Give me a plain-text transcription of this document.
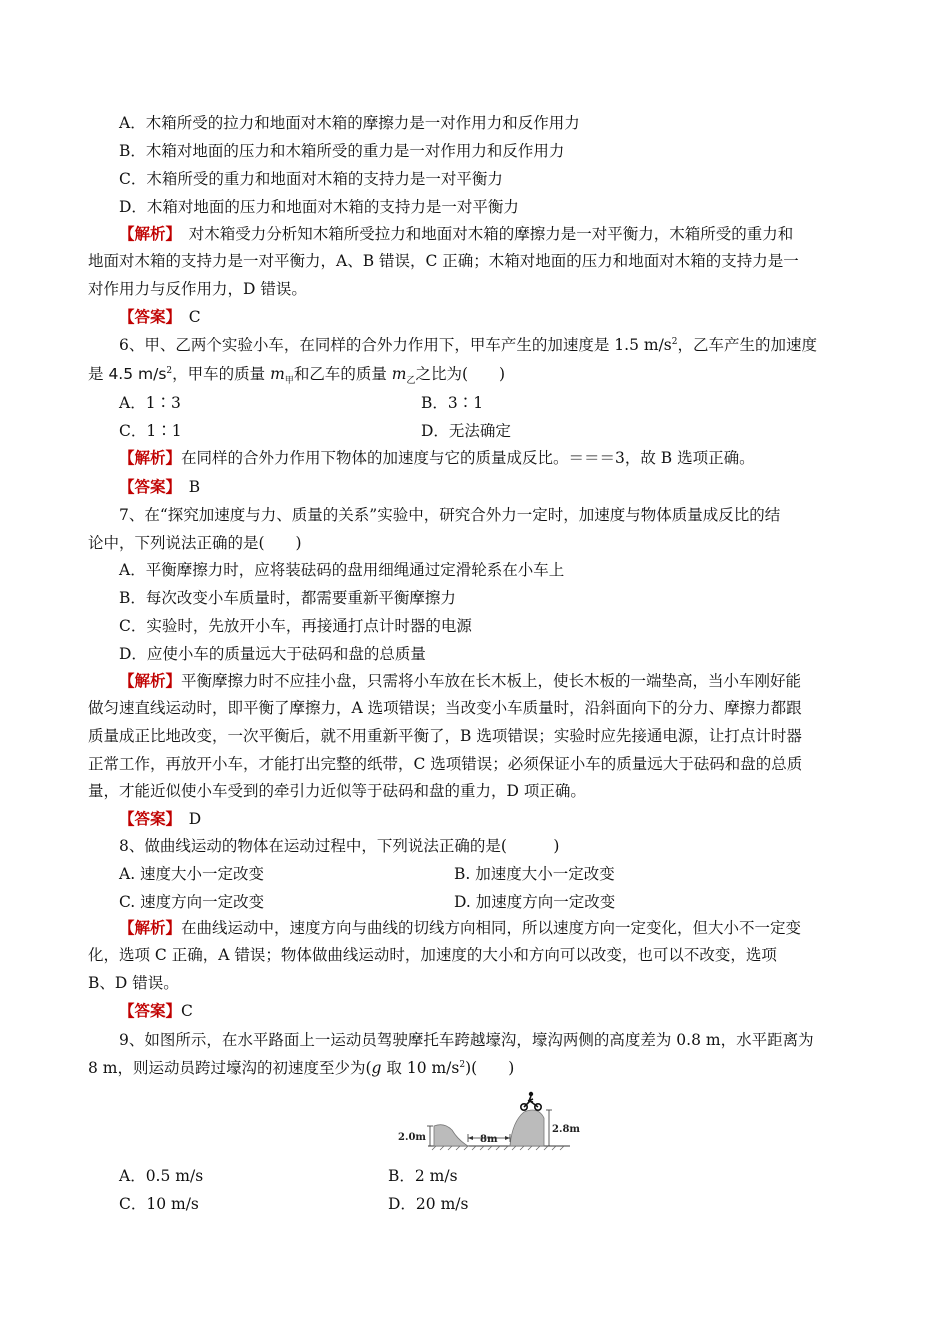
A．木箱所受的拉力和地面对木箱的摩擦力是一对作用力和反作用力
B．木箱对地面的压力和木箱所受的重力是一对作用力和反作用力
C．木箱所受的重力和地面对木箱的支持力是一对平衡力
D．木箱对地面的压力和地面对木箱的支持力是一对平衡力
【解析】　对木箱受力分析知木箱所受拉力和地面对木箱的摩擦力是一对平衡力，木箱所受的重力和
地面对木箱的支持力是一对平衡力，A、B 错误，C 正确；木箱对地面的压力和地面对木箱的支持力是一
对作用力与反作用力，D 错误。
【答案】　C
6、甲、乙两个实验小车，在同样的合外力作用下，甲车产生的加速度是 1.5 $m/s^2$，乙车产生的加速度
是 4.5 $m/s^2$，甲车的质量 $m_甲$和乙车的质量 $m_乙$之比为(　　)
A．1∶3	B．3∶1
C．1∶1	D．无法确定
【解析】在同样的合外力作用下物体的加速度与它的质量成反比。＝＝＝3，故 B 选项正确。
【答案】　B
7、在“探究加速度与力、质量的关系”实验中，研究合外力一定时，加速度与物体质量成反比的结
论中，下列说法正确的是(　　)
A．平衡摩擦力时，应将装砝码的盘用细绳通过定滑轮系在小车上
B．每次改变小车质量时，都需要重新平衡摩擦力
C．实验时，先放开小车，再接通打点计时器的电源
D．应使小车的质量远大于砝码和盘的总质量
【解析】平衡摩擦力时不应挂小盘，只需将小车放在长木板上，使长木板的一端垫高，当小车刚好能
做匀速直线运动时，即平衡了摩擦力，A 选项错误；当改变小车质量时，沿斜面向下的分力、摩擦力都跟
质量成正比地改变，一次平衡后，就不用重新平衡了，B 选项错误；实验时应先接通电源，让打点计时器
正常工作，再放开小车，才能打出完整的纸带，C 选项错误；必须保证小车的质量远大于砝码和盘的总质
量，才能近似使小车受到的牵引力近似等于砝码和盘的重力，D 项正确。
【答案】　D
8、做曲线运动的物体在运动过程中，下列说法正确的是(　　　)
A. 速度大小一定改变	B. 加速度大小一定改变
C. 速度方向一定改变	D. 加速度方向一定改变
【解析】在曲线运动中，速度方向与曲线的切线方向相同，所以速度方向一定变化，但大小不一定变
化，选项 C 正确，A 错误；物体做曲线运动时，加速度的大小和方向可以改变，也可以不改变，选项
B、D 错误。
【答案】C
9、如图所示，在水平路面上一运动员驾驶摩托车跨越壕沟，壕沟两侧的高度差为 0.8 m，水平距离为
8 m，则运动员跨过壕沟的初速度至少为(g 取 10 $m/s^2$)(　　)
2.0m	8m
2.8m
A．0.5 m/s	B．2 m/s
C．10 m/s	D．20 m/s
